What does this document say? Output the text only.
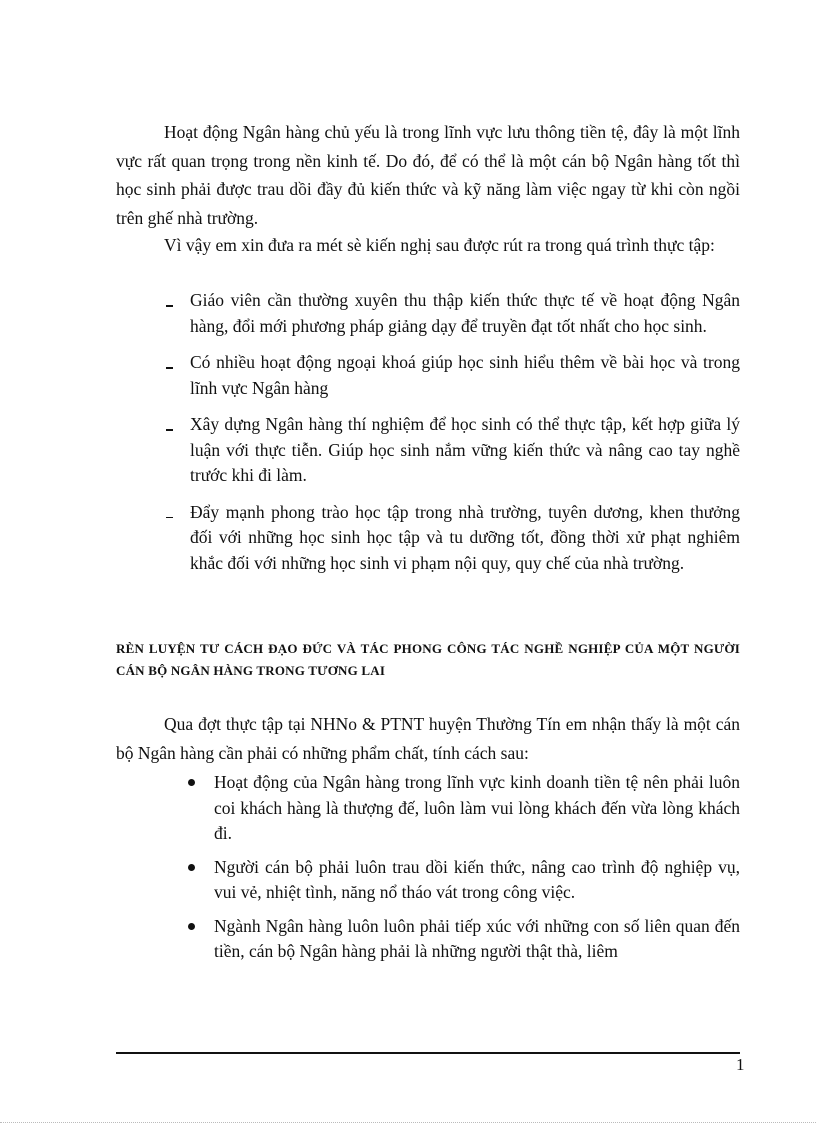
Hoạt động Ngân hàng chủ yếu là trong lĩnh vực lưu thông tiền tệ, đây là một lĩnh vực rất quan trọng trong nền kinh tế. Do đó, để có thể là một cán bộ Ngân hàng tốt thì học sinh phải được trau dồi đầy đủ kiến thức và kỹ năng làm việc ngay từ khi còn ngồi trên ghế nhà trường.

Vì vậy em xin đưa ra mét sè kiến nghị sau được rút ra trong quá trình thực tập:

Giáo viên cần thường xuyên thu thập kiến thức thực tế về hoạt động Ngân hàng, đổi mới phương pháp giảng dạy để truyền đạt tốt nhất cho học sinh.
Có nhiều hoạt động ngoại khoá giúp học sinh hiểu thêm về bài học và trong lĩnh vực Ngân hàng
Xây dựng Ngân hàng thí nghiệm để học sinh có thể thực tập, kết hợp giữa lý luận với thực tiễn. Giúp học sinh nắm vững kiến thức và nâng cao tay nghề trước khi đi làm.
Đẩy mạnh phong trào học tập trong nhà trường, tuyên dương, khen thưởng đối với những học sinh học tập và tu dưỡng tốt, đồng thời xử phạt nghiêm khắc đối với những học sinh vi phạm nội quy, quy chế của nhà trường.
RÈN LUYỆN TƯ CÁCH ĐẠO ĐỨC VÀ TÁC PHONG CÔNG TÁC NGHỀ NGHIỆP CỦA MỘT NGƯỜI CÁN BỘ NGÂN HÀNG TRONG TƯƠNG LAI

Qua đợt thực tập tại NHNo & PTNT huyện Thường Tín em nhận thấy là một cán bộ Ngân hàng cần phải có những phẩm chất, tính cách sau:

Hoạt động của Ngân hàng trong lĩnh vực kinh doanh tiền tệ nên phải luôn coi khách hàng là thượng đế, luôn làm vui lòng khách đến vừa lòng khách đi.
Người cán bộ phải luôn trau dồi kiến thức, nâng cao trình độ nghiệp vụ, vui vẻ, nhiệt tình, năng nổ tháo vát trong công việc.
Ngành Ngân hàng luôn luôn phải tiếp xúc với những con số liên quan đến tiền, cán bộ Ngân hàng phải là những người thật thà, liêm
1
